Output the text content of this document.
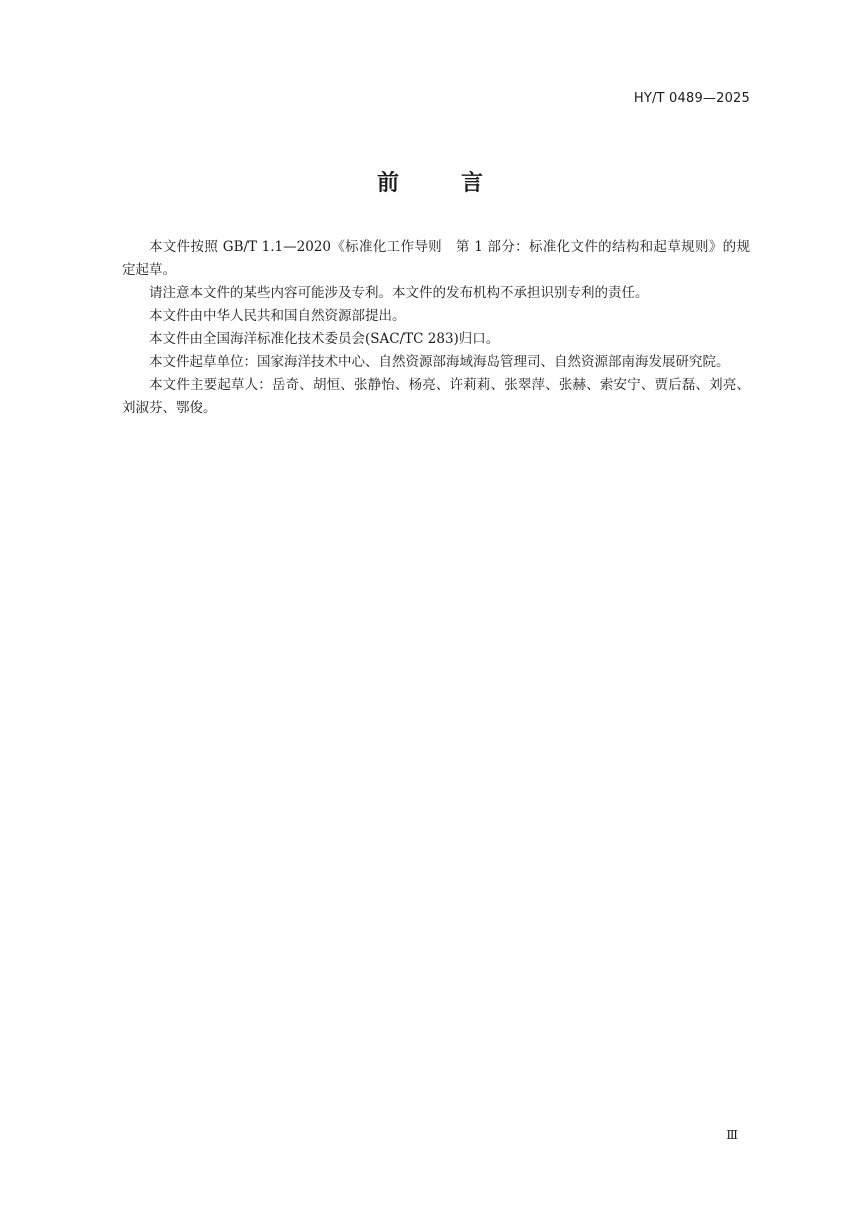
HY/T 0489—2025
前　言

本文件按照 GB/T 1.1—2020《标准化工作导则　第 1 部分：标准化文件的结构和起草规则》的规定起草。

请注意本文件的某些内容可能涉及专利。本文件的发布机构不承担识别专利的责任。

本文件由中华人民共和国自然资源部提出。

本文件由全国海洋标准化技术委员会(SAC/TC 283)归口。

本文件起草单位：国家海洋技术中心、自然资源部海域海岛管理司、自然资源部南海发展研究院。

本文件主要起草人：岳奇、胡恒、张静怡、杨亮、许莉莉、张翠萍、张赫、索安宁、贾后磊、刘亮、刘淑芬、鄂俊。

Ⅲ
